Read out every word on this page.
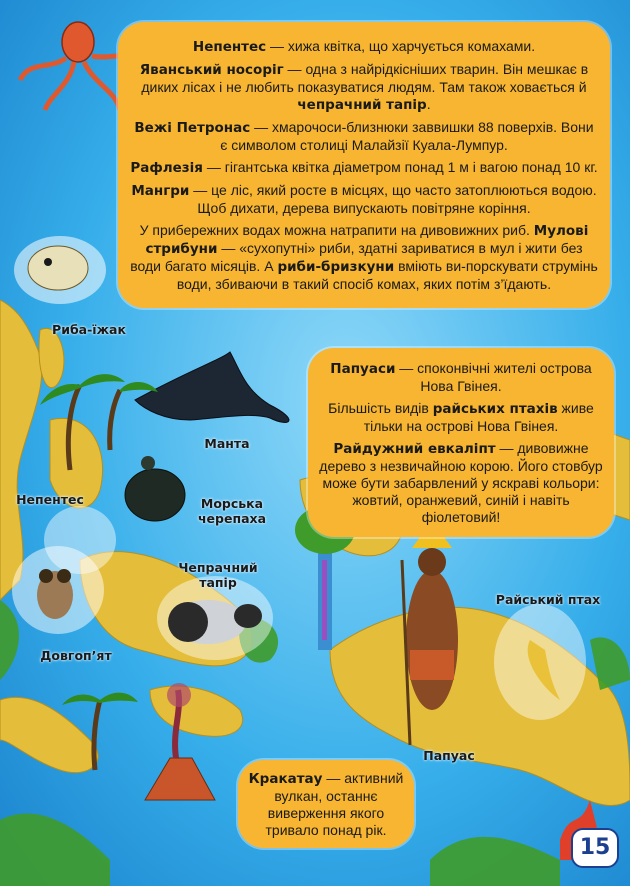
Непентес — хижа квітка, що харчується комахами.

Яванський носоріг — одна з найрідкісніших тварин. Він мешкає в диких лісах і не любить показуватися людям. Там також ховається й чепрачний тапір.

Вежі Петронас — хмарочоси-близнюки заввишки 88 поверхів. Вони є символом столиці Малайзії Куала-Лумпур.

Рафлезія — гігантська квітка діаметром понад 1 м і вагою понад 10 кг.

Мангри — це ліс, який росте в місцях, що часто затоплюються водою. Щоб дихати, дерева випускають повітряне коріння.

У прибережних водах можна натрапити на дивовижних риб. Мулові стрибуни — «сухопутні» риби, здатні зариватися в мул і жити без води багато місяців. А риби-бризкуни вміють ви-порскувати струмінь води, збиваючи в такий спосіб комах, яких потім з’їдають.

Папуаси — споконвічні жителі острова Нова Гвінея.

Більшість видів райських птахів живе тільки на острові Нова Гвінея.

Райдужний евкаліпт — дивовижне дерево з незвичайною корою. Його стовбур може бути забарвлений у яскраві кольори: жовтий, оранжевий, синій і навіть фіолетовий!

Кракатау — активний вулкан, останнє виверження якого тривало понад рік.

Риба-їжак
Манта
Морська черепаха
Непентес
Чепрачний тапір
Довгоп’ят
Райський птах
Папуас
15
